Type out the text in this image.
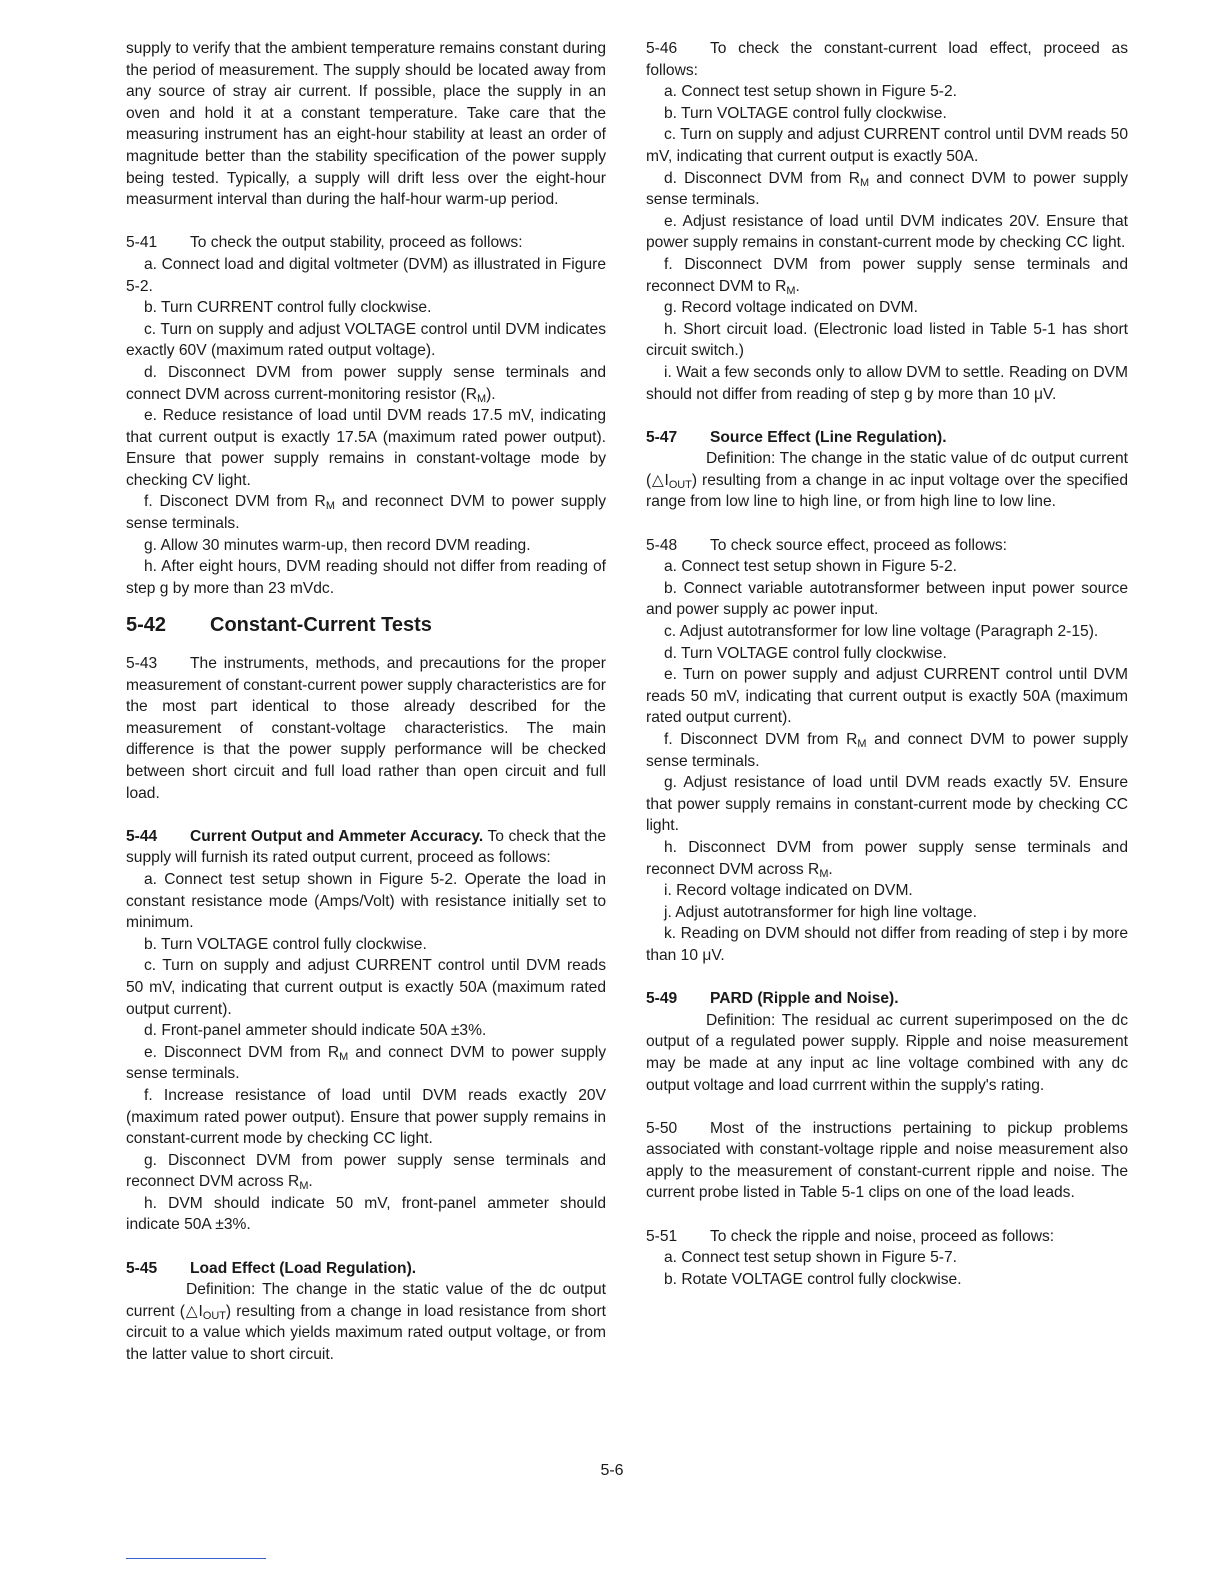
supply to verify that the ambient temperature remains constant during the period of measurement. The supply should be located away from any source of stray air current. If possible, place the supply in an oven and hold it at a constant temperature. Take care that the measuring instrument has an eight-hour stability at least an order of magnitude better than the stability specification of the power supply being tested. Typically, a supply will drift less over the eight-hour measurment interval than during the half-hour warm-up period.

5-41 To check the output stability, proceed as follows:

a. Connect load and digital voltmeter (DVM) as illustrated in Figure 5-2.

b. Turn CURRENT control fully clockwise.

c. Turn on supply and adjust VOLTAGE control until DVM indicates exactly 60V (maximum rated output voltage).

d. Disconnect DVM from power supply sense terminals and connect DVM across current-monitoring resistor $(R_M)$.

e. Reduce resistance of load until DVM reads 17.5 mV, indicating that current output is exactly 17.5A (maximum rated power output). Ensure that power supply remains in constant-voltage mode by checking CV light.

f. Disconect DVM from $R_M$ and reconnect DVM to power supply sense terminals.

g. Allow 30 minutes warm-up, then record DVM reading.

h. After eight hours, DVM reading should not differ from reading of step g by more than 23 mVdc.

5-42	Constant-Current Tests

5-43 The instruments, methods, and precautions for the proper measurement of constant-current power supply characteristics are for the most part identical to those already described for the measurement of constant-voltage characteristics. The main difference is that the power supply performance will be checked between short circuit and full load rather than open circuit and full load.

5-44 Current Output and Ammeter Accuracy. To check that the supply will furnish its rated output current, proceed as follows:

a. Connect test setup shown in Figure 5-2. Operate the load in constant resistance mode (Amps/Volt) with resistance initially set to minimum.

b. Turn VOLTAGE control fully clockwise.

c. Turn on supply and adjust CURRENT control until DVM reads 50 mV, indicating that current output is exactly 50A (maximum rated output current).

d. Front-panel ammeter should indicate 50A ±3%.

e. Disconnect DVM from $R_M$ and connect DVM to power supply sense terminals.

f. Increase resistance of load until DVM reads exactly 20V (maximum rated power output). Ensure that power supply remains in constant-current mode by checking CC light.

g. Disconnect DVM from power supply sense terminals and reconnect DVM across $R_M$.

h. DVM should indicate 50 mV, front-panel ammeter should indicate 50A ±3%.

5-45 Load Effect (Load Regulation).

Definition: The change in the static value of the dc output current $(\triangle I_{OUT})$ resulting from a change in load resistance from short circuit to a value which yields maximum rated output voltage, or from the latter value to short circuit.

5-46 To check the constant-current load effect, proceed as follows:

a. Connect test setup shown in Figure 5-2.

b. Turn VOLTAGE control fully clockwise.

c. Turn on supply and adjust CURRENT control until DVM reads 50 mV, indicating that current output is exactly 50A.

d. Disconnect DVM from $R_M$ and connect DVM to power supply sense terminals.

e. Adjust resistance of load until DVM indicates 20V. Ensure that power supply remains in constant-current mode by checking CC light.

f. Disconnect DVM from power supply sense terminals and reconnect DVM to $R_M$.

g. Record voltage indicated on DVM.

h. Short circuit load. (Electronic load listed in Table 5-1 has short circuit switch.)

i. Wait a few seconds only to allow DVM to settle. Reading on DVM should not differ from reading of step g by more than 10 μV.

5-47 Source Effect (Line Regulation).

Definition: The change in the static value of dc output current $(\triangle I_{OUT})$ resulting from a change in ac input voltage over the specified range from low line to high line, or from high line to low line.

5-48 To check source effect, proceed as follows:

a. Connect test setup shown in Figure 5-2.

b. Connect variable autotransformer between input power source and power supply ac power input.

c. Adjust autotransformer for low line voltage (Paragraph 2-15).

d. Turn VOLTAGE control fully clockwise.

e. Turn on power supply and adjust CURRENT control until DVM reads 50 mV, indicating that current output is exactly 50A (maximum rated output current).

f. Disconnect DVM from $R_M$ and connect DVM to power supply sense terminals.

g. Adjust resistance of load until DVM reads exactly 5V. Ensure that power supply remains in constant-current mode by checking CC light.

h. Disconnect DVM from power supply sense terminals and reconnect DVM across $R_M$.

i. Record voltage indicated on DVM.

j. Adjust autotransformer for high line voltage.

k. Reading on DVM should not differ from reading of step i by more than 10 μV.

5-49 PARD (Ripple and Noise).

Definition: The residual ac current superimposed on the dc output of a regulated power supply. Ripple and noise measurement may be made at any input ac line voltage combined with any dc output voltage and load currrent within the supply's rating.

5-50 Most of the instructions pertaining to pickup problems associated with constant-voltage ripple and noise measurement also apply to the measurement of constant-current ripple and noise. The current probe listed in Table 5-1 clips on one of the load leads.

5-51 To check the ripple and noise, proceed as follows:

a. Connect test setup shown in Figure 5-7.

b. Rotate VOLTAGE control fully clockwise.

5-6
